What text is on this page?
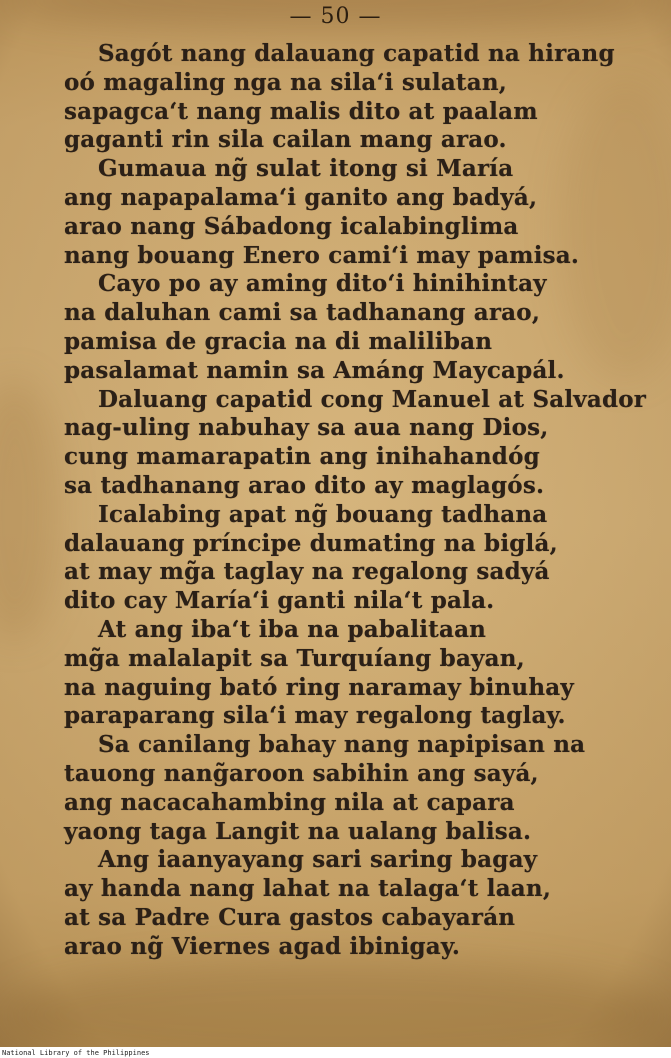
— 50 —
Sagót nang dalauang capatid na hirang
oó magaling nga na sila‘i sulatan,
sapagca‘t nang malis dito at paalam
gaganti rin sila cailan mang arao.
Gumaua ng̃ sulat itong si María
ang napapalama‘i ganito ang badyá,
arao nang Sábadong icalabinglima
nang bouang Enero cami‘i may pamisa.
Cayo po ay aming dito‘i hinihintay
na daluhan cami sa tadhanang arao,
pamisa de gracia na di maliliban
pasalamat namin sa Amáng Maycapál.
Daluang capatid cong Manuel at Salvador
nag-uling nabuhay sa aua nang Dios,
cung mamarapatin ang inihahandóg
sa tadhanang arao dito ay maglagós.
Icalabing apat ng̃ bouang tadhana
dalauang príncipe dumating na biglá,
at may mg̃a taglay na regalong sadyá
dito cay María‘i ganti nila‘t pala.
At ang iba‘t iba na pabalitaan
mg̃a malalapit sa Turquíang bayan,
na naguing bató ring naramay binuhay
paraparang sila‘i may regalong taglay.
Sa canilang bahay nang napipisan na
tauong nang̃aroon sabihin ang sayá,
ang nacacahambing nila at capara
yaong taga Langit na ualang balisa.
Ang iaanyayang sari saring bagay
ay handa nang lahat na talaga‘t laan,
at sa Padre Cura gastos cabayarán
arao ng̃ Viernes agad ibinigay.
National Library of the Philippines
